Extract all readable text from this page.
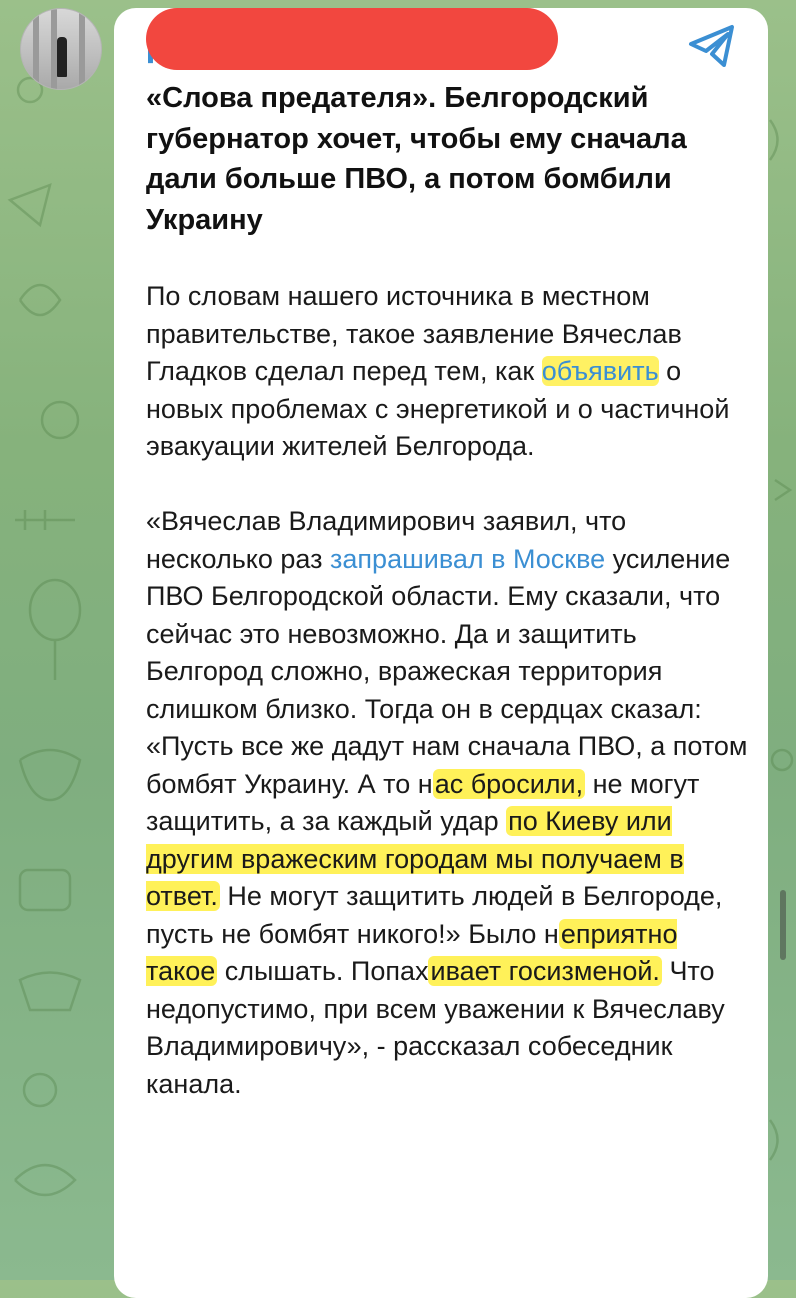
«Слова предателя». Белгородский губернатор хочет, чтобы ему сначала дали больше ПВО, а потом бомбили Украину

По словам нашего источника в местном правительстве, такое заявление Вячеслав Гладков сделал перед тем, как объявить о новых проблемах с энергетикой и о частичной эвакуации жителей Белгорода.

«Вячеслав Владимирович заявил, что несколько раз запрашивал в Москве усиление ПВО Белгородской области. Ему сказали, что сейчас это невозможно. Да и защитить Белгород сложно, вражеская территория слишком близко. Тогда он в сердцах сказал: «Пусть все же дадут нам сначала ПВО, а потом бомбят Украину. А то нас бросили, не могут защитить, а за каждый удар по Киеву или другим вражеским городам мы получаем в ответ. Не могут защитить людей в Белгороде, пусть не бомбят никого!» Было неприятно такое слышать. Попахивает госизменой. Что недопустимо, при всем уважении к Вячеславу Владимировичу», - рассказал собеседник канала.
